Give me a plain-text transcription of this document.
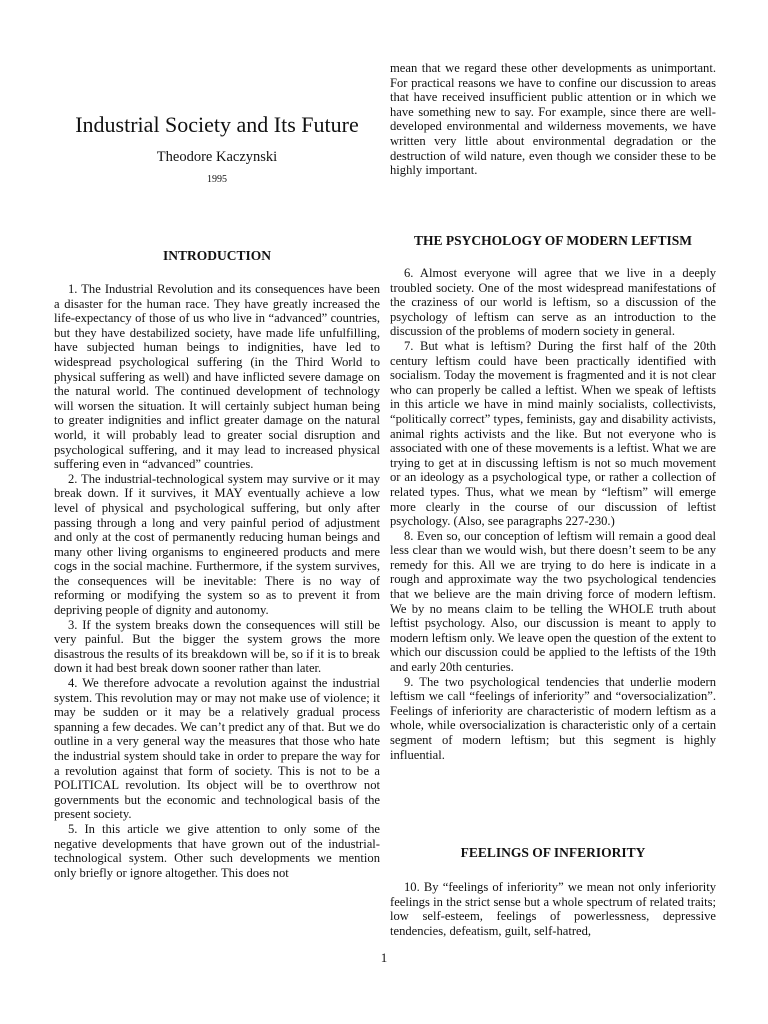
Industrial Society and Its Future
Theodore Kaczynski
1995
INTRODUCTION

1. The Industrial Revolution and its consequences have been a disaster for the human race. They have greatly increased the life-expectancy of those of us who live in “advanced” countries, but they have destabilized society, have made life unfulfilling, have subjected human beings to indignities, have led to widespread psychological suffering (in the Third World to physical suffering as well) and have inflicted severe damage on the natural world. The continued development of technology will worsen the situation. It will certainly subject human being to greater indignities and inflict greater damage on the natural world, it will probably lead to greater social disruption and psychological suffering, and it may lead to increased physical suffering even in “advanced” countries.

2. The industrial-technological system may survive or it may break down. If it survives, it MAY eventually achieve a low level of physical and psychological suffering, but only after passing through a long and very painful period of adjustment and only at the cost of permanently reducing human beings and many other living organisms to engineered products and mere cogs in the social machine. Furthermore, if the system survives, the consequences will be inevitable: There is no way of reforming or modifying the system so as to prevent it from depriving people of dignity and autonomy.

3. If the system breaks down the consequences will still be very painful. But the bigger the system grows the more disastrous the results of its breakdown will be, so if it is to break down it had best break down sooner rather than later.

4. We therefore advocate a revolution against the industrial system. This revolution may or may not make use of violence; it may be sudden or it may be a relatively gradual process spanning a few decades. We can’t predict any of that. But we do outline in a very general way the measures that those who hate the industrial system should take in order to prepare the way for a revolution against that form of society. This is not to be a POLITICAL revolution. Its object will be to overthrow not governments but the economic and technological basis of the present society.

5. In this article we give attention to only some of the negative developments that have grown out of the industrial-technological system. Other such developments we mention only briefly or ignore altogether. This does not

mean that we regard these other developments as unimportant. For practical reasons we have to confine our discussion to areas that have received insufficient public attention or in which we have something new to say. For example, since there are well-developed environmental and wilderness movements, we have written very little about environmental degradation or the destruction of wild nature, even though we consider these to be highly important.

THE PSYCHOLOGY OF MODERN LEFTISM

6. Almost everyone will agree that we live in a deeply troubled society. One of the most widespread manifestations of the craziness of our world is leftism, so a discussion of the psychology of leftism can serve as an introduction to the discussion of the problems of modern society in general.

7. But what is leftism? During the first half of the 20th century leftism could have been practically identified with socialism. Today the movement is fragmented and it is not clear who can properly be called a leftist. When we speak of leftists in this article we have in mind mainly socialists, collectivists, “politically correct” types, feminists, gay and disability activists, animal rights activists and the like. But not everyone who is associated with one of these movements is a leftist. What we are trying to get at in discussing leftism is not so much movement or an ideology as a psychological type, or rather a collection of related types. Thus, what we mean by “leftism” will emerge more clearly in the course of our discussion of leftist psychology. (Also, see paragraphs 227-230.)

8. Even so, our conception of leftism will remain a good deal less clear than we would wish, but there doesn’t seem to be any remedy for this. All we are trying to do here is indicate in a rough and approximate way the two psychological tendencies that we believe are the main driving force of modern leftism. We by no means claim to be telling the WHOLE truth about leftist psychology. Also, our discussion is meant to apply to modern leftism only. We leave open the question of the extent to which our discussion could be applied to the leftists of the 19th and early 20th centuries.

9. The two psychological tendencies that underlie modern leftism we call “feelings of inferiority” and “oversocialization”. Feelings of inferiority are characteristic of modern leftism as a whole, while oversocialization is characteristic only of a certain segment of modern leftism; but this segment is highly influential.

FEELINGS OF INFERIORITY

10. By “feelings of inferiority” we mean not only inferiority feelings in the strict sense but a whole spectrum of related traits; low self-esteem, feelings of powerlessness, depressive tendencies, defeatism, guilt, self-hatred,

1
